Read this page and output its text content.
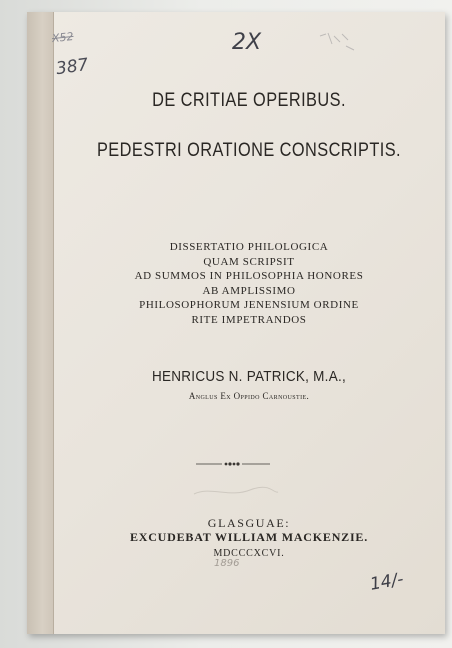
X52
387
2X
DE CRITIAE OPERIBUS.
PEDESTRI ORATIONE CONSCRIPTIS.
DISSERTATIO PHILOLOGICA
QUAM SCRIPSIT
AD SUMMOS IN PHILOSOPHIA HONORES
AB AMPLISSIMO
PHILOSOPHORUM JENENSIUM ORDINE
RITE IMPETRANDOS
HENRICUS N. PATRICK, M.A.,
Anglus Ex Oppido Carnoustie.
GLASGUAE:
EXCUDEBAT WILLIAM MACKENZIE.
MDCCCXCVI.
1896
14/-
